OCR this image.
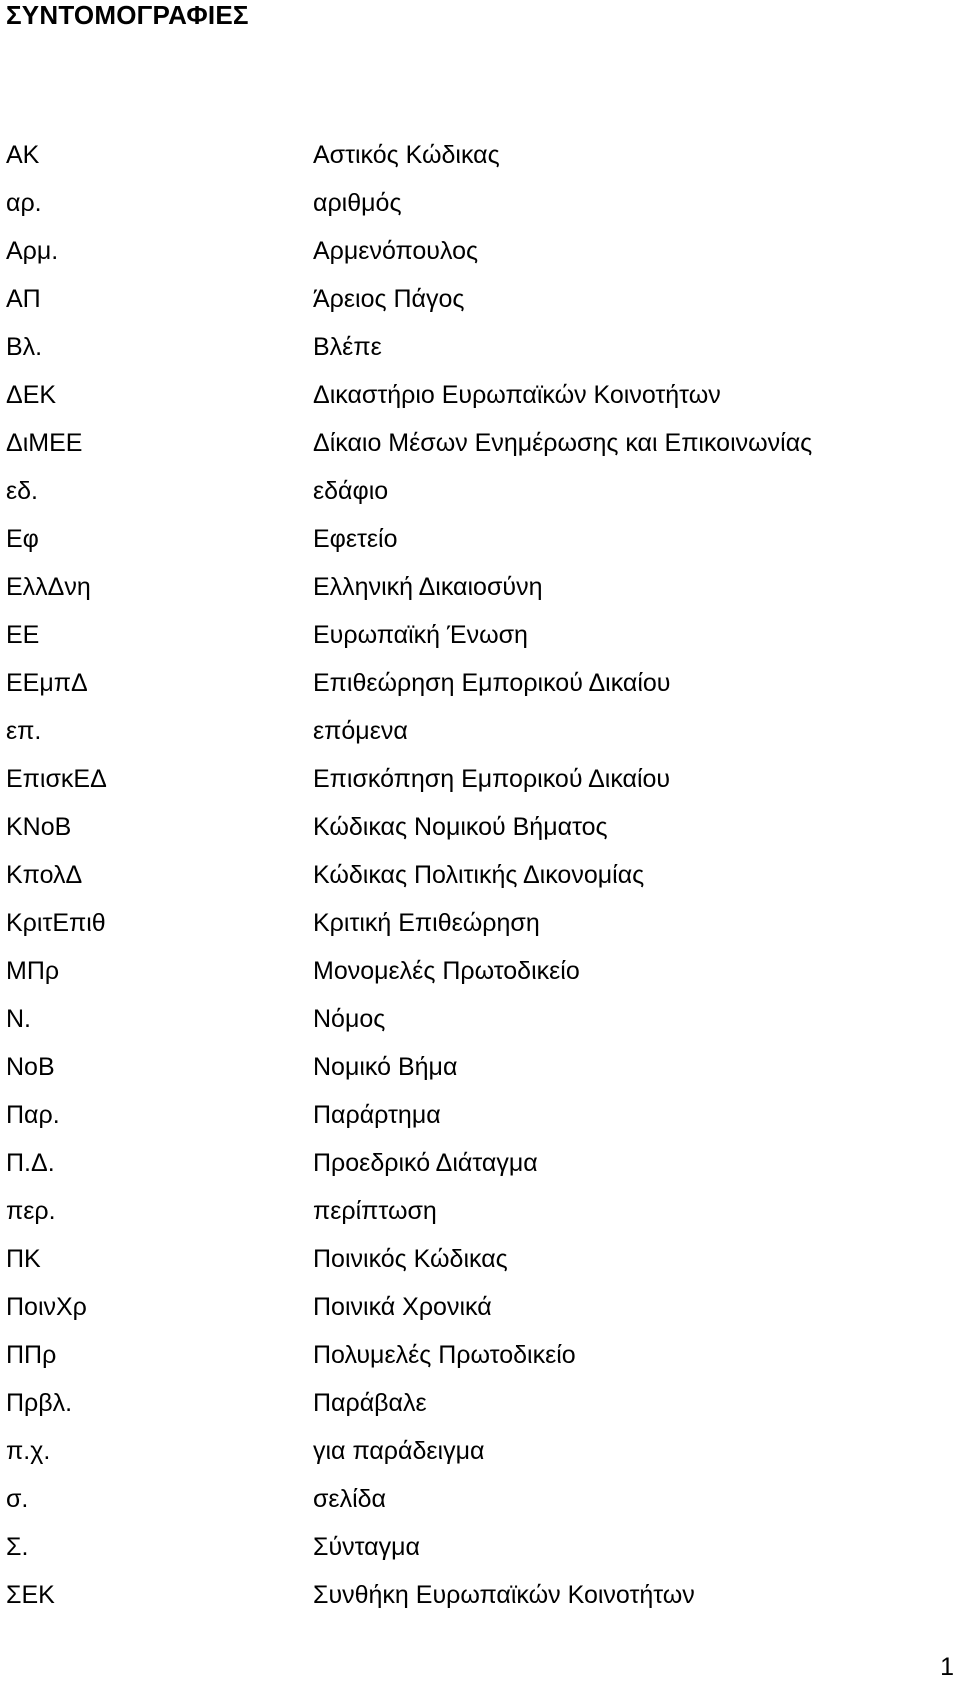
ΣΥΝΤΟΜΟΓΡΑΦΙΕΣ
ΑΚ	Αστικός Κώδικας
αρ.	αριθμός
Αρμ.	Αρμενόπουλος
ΑΠ	Άρειος Πάγος
Βλ.	Βλέπε
ΔΕΚ	Δικαστήριο Ευρωπαϊκών Κοινοτήτων
ΔιΜΕΕ	Δίκαιο Μέσων Ενημέρωσης και Επικοινωνίας
εδ.	εδάφιο
Εφ	Εφετείο
ΕλλΔνη	Ελληνική Δικαιοσύνη
ΕΕ	Ευρωπαϊκή Ένωση
ΕΕμπΔ	Επιθεώρηση Εμπορικού Δικαίου
επ.	επόμενα
ΕπισκΕΔ	Επισκόπηση Εμπορικού Δικαίου
ΚΝοΒ	Κώδικας Νομικού Βήματος
ΚπολΔ	Κώδικας Πολιτικής Δικονομίας
ΚριτΕπιθ	Κριτική Επιθεώρηση
ΜΠρ	Μονομελές Πρωτοδικείο
Ν.	Νόμος
ΝοΒ	Νομικό Βήμα
Παρ.	Παράρτημα
Π.Δ.	Προεδρικό Διάταγμα
περ.	περίπτωση
ΠΚ	Ποινικός Κώδικας
ΠοινΧρ	Ποινικά Χρονικά
ΠΠρ	Πολυμελές Πρωτοδικείο
Πρβλ.	Παράβαλε
π.χ.	για παράδειγμα
σ.	σελίδα
Σ.	Σύνταγμα
ΣΕΚ	Συνθήκη Ευρωπαϊκών Κοινοτήτων
1
